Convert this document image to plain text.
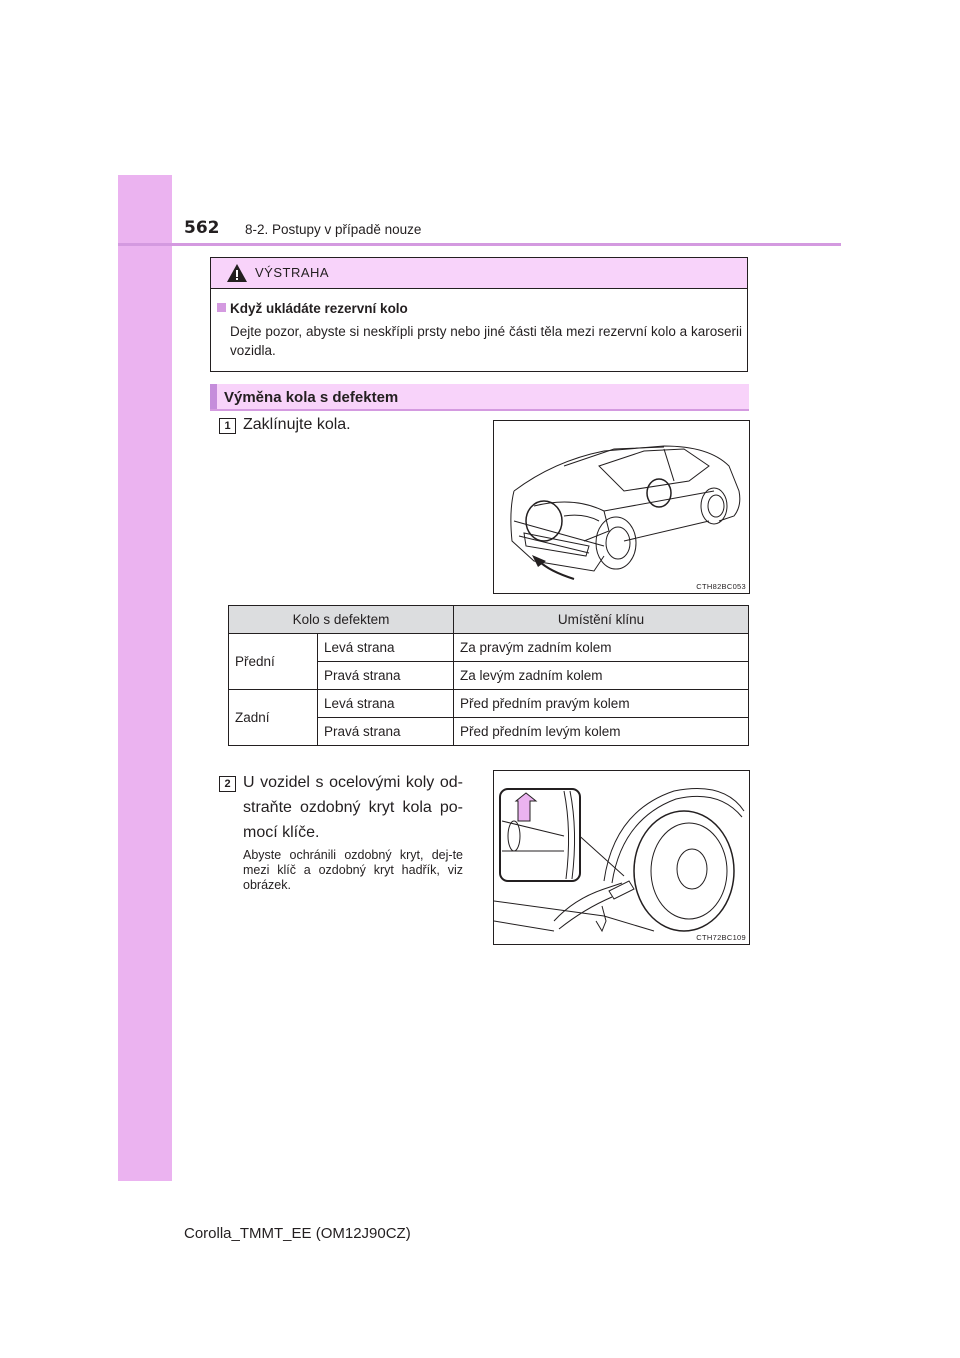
562 8-2. Postupy v případě nouze
VÝSTRAHA
Když ukládáte rezervní kolo
Dejte pozor, abyste si neskřípli prsty nebo jiné části těla mezi rezervní kolo a karoserii vozidla.
Výměna kola s defektem
1 Zaklínujte kola.
CTH82BC053
Kolo s defektem		Umístění klínu
Přední	Levá strana	Za pravým zadním kolem
	Pravá strana	Za levým zadním kolem
Zadní	Levá strana	Před předním pravým kolem
	Pravá strana	Před předním levým kolem
2 U vozidel s ocelovými koly od-straňte ozdobný kryt kola po-mocí klíče.
Abyste ochránili ozdobný kryt, dej-te mezi klíč a ozdobný kryt hadřík, viz obrázek.
CTH72BC109
Corolla_TMMT_EE (OM12J90CZ)
